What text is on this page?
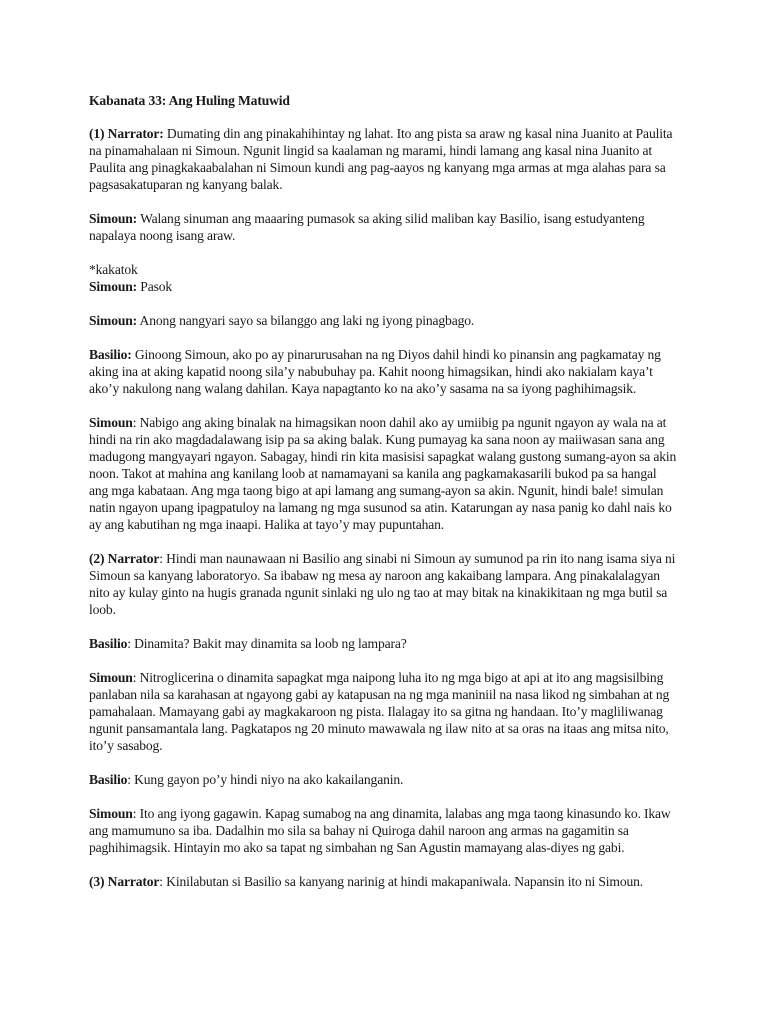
Kabanata 33: Ang Huling Matuwid
(1) Narrator: Dumating din ang pinakahihintay ng lahat. Ito ang pista sa araw ng kasal nina Juanito at Paulita na pinamahalaan ni Simoun. Ngunit lingid sa kaalaman ng marami, hindi lamang ang kasal nina Juanito at Paulita ang pinagkakaabalahan ni Simoun kundi ang pag-aayos ng kanyang mga armas at mga alahas para sa pagsasakatuparan ng kanyang balak.
Simoun: Walang sinuman ang maaaring pumasok sa aking silid maliban kay Basilio, isang estudyanteng napalaya noong isang araw.
*kakatok
Simoun: Pasok
Simoun: Anong nangyari sayo sa bilanggo ang laki ng iyong pinagbago.
Basilio: Ginoong Simoun, ako po ay pinarurusahan na ng Diyos dahil hindi ko pinansin ang pagkamatay ng aking ina at aking kapatid noong sila’y nabubuhay pa. Kahit noong himagsikan, hindi ako nakialam kaya’t ako’y nakulong nang walang dahilan. Kaya napagtanto ko na ako’y sasama na sa iyong paghihimagsik.
Simoun: Nabigo ang aking binalak na himagsikan noon dahil ako ay umiibig pa ngunit ngayon ay wala na at hindi na rin ako magdadalawang isip pa sa aking balak. Kung pumayag ka sana noon ay maiiwasan sana ang madugong mangyayari ngayon. Sabagay, hindi rin kita masisisi sapagkat walang gustong sumang-ayon sa akin noon. Takot at mahina ang kanilang loob at namamayani sa kanila ang pagkamakasarili bukod pa sa hangal ang mga kabataan. Ang mga taong bigo at api lamang ang sumang-ayon sa akin. Ngunit, hindi bale! simulan natin ngayon upang ipagpatuloy na lamang ng mga susunod sa atin. Katarungan ay nasa panig ko dahl nais ko ay ang kabutihan ng mga inaapi. Halika at tayo’y may pupuntahan.
(2) Narrator: Hindi man naunawaan ni Basilio ang sinabi ni Simoun ay sumunod pa rin ito nang isama siya ni Simoun sa kanyang laboratoryo. Sa ibabaw ng mesa ay naroon ang kakaibang lampara. Ang pinakalalagyan nito ay kulay ginto na hugis granada ngunit sinlaki ng ulo ng tao at may bitak na kinakikitaan ng mga butil sa loob.
Basilio: Dinamita? Bakit may dinamita sa loob ng lampara?
Simoun: Nitroglicerina o dinamita sapagkat mga naipong luha ito ng mga bigo at api at ito ang magsisilbing panlaban nila sa karahasan at ngayong gabi ay katapusan na ng mga maniniil na nasa likod ng simbahan at ng pamahalaan. Mamayang gabi ay magkakaroon ng pista. Ilalagay ito sa gitna ng handaan. Ito’y magliliwanag ngunit pansamantala lang. Pagkatapos ng 20 minuto mawawala ng ilaw nito at sa oras na itaas ang mitsa nito, ito’y sasabog.
Basilio: Kung gayon po’y hindi niyo na ako kakailanganin.
Simoun: Ito ang iyong gagawin. Kapag sumabog na ang dinamita, lalabas ang mga taong kinasundo ko. Ikaw ang mamumuno sa iba. Dadalhin mo sila sa bahay ni Quiroga dahil naroon ang armas na gagamitin sa paghihimagsik. Hintayin mo ako sa tapat ng simbahan ng San Agustin mamayang alas-diyes ng gabi.
(3) Narrator: Kinilabutan si Basilio sa kanyang narinig at hindi makapaniwala. Napansin ito ni Simoun.
